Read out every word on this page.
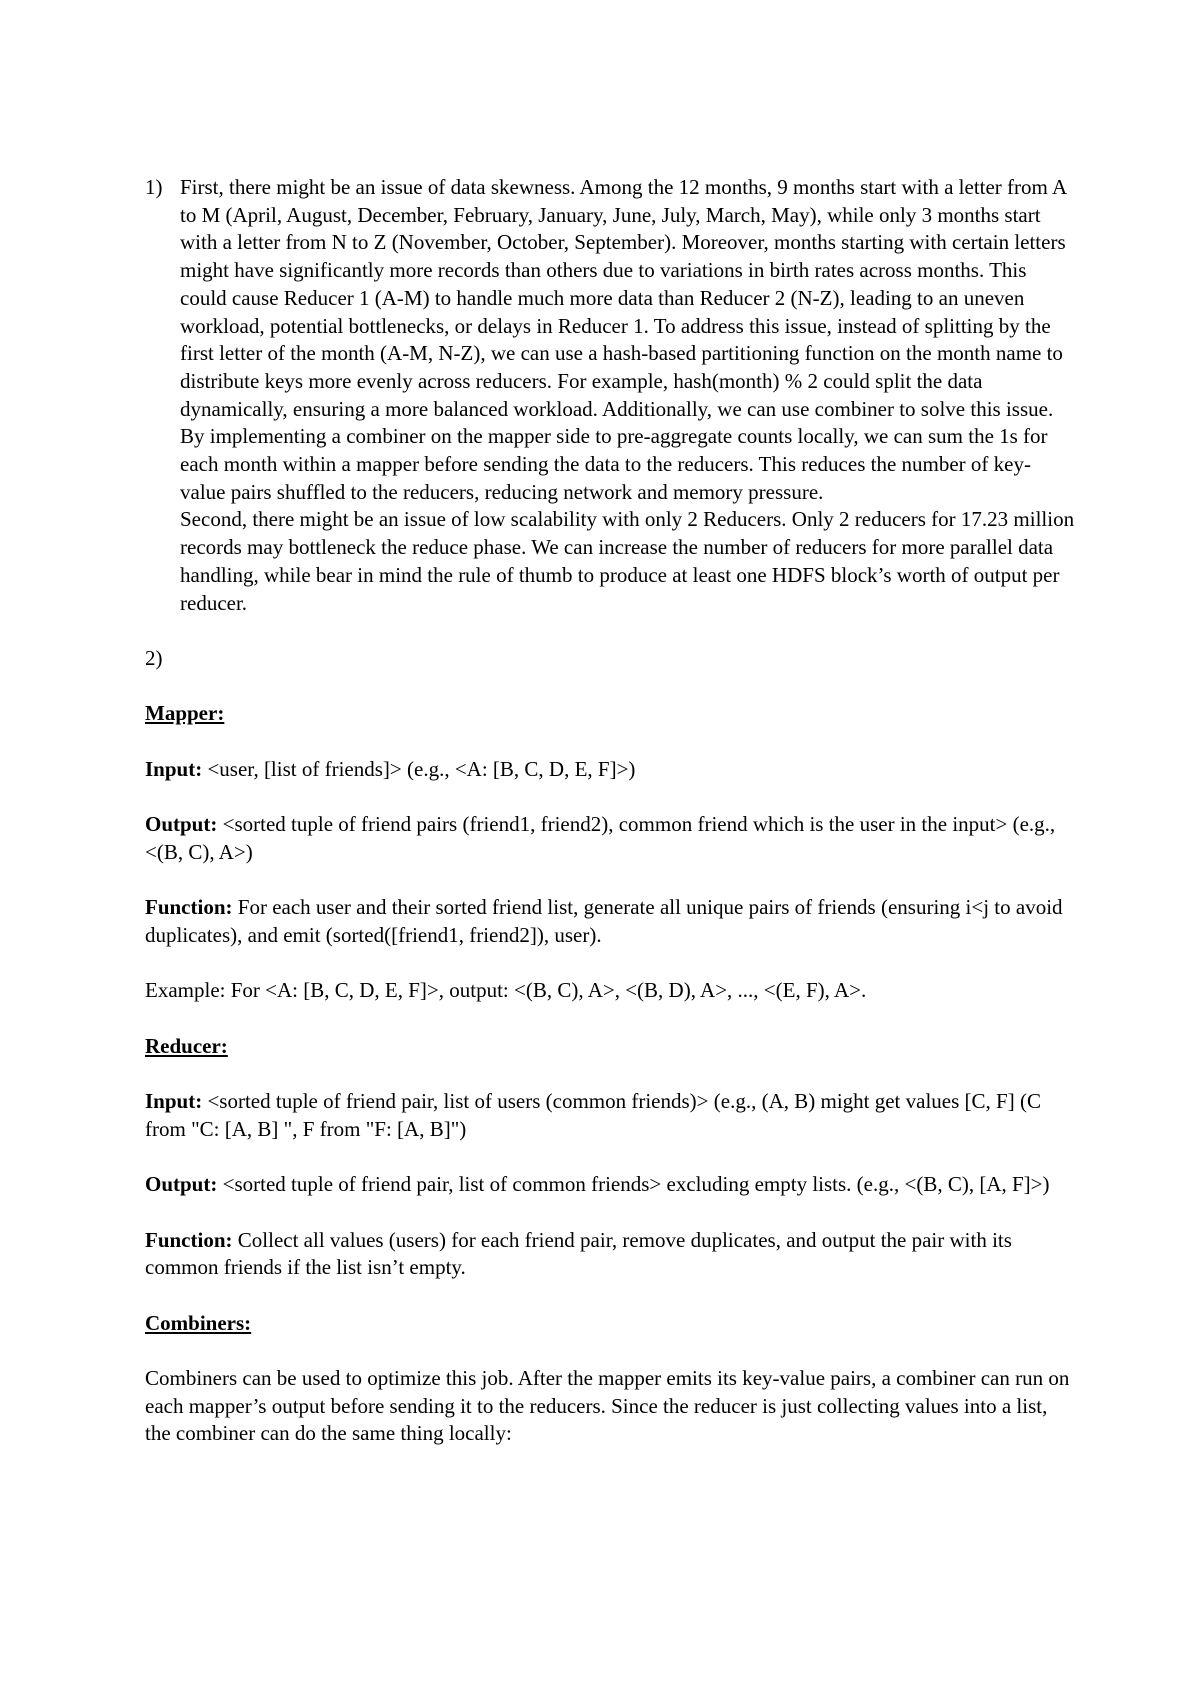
1) First, there might be an issue of data skewness. Among the 12 months, 9 months start with a letter from A to M (April, August, December, February, January, June, July, March, May), while only 3 months start with a letter from N to Z (November, October, September). Moreover, months starting with certain letters might have significantly more records than others due to variations in birth rates across months. This could cause Reducer 1 (A-M) to handle much more data than Reducer 2 (N-Z), leading to an uneven workload, potential bottlenecks, or delays in Reducer 1. To address this issue, instead of splitting by the first letter of the month (A-M, N-Z), we can use a hash-based partitioning function on the month name to distribute keys more evenly across reducers. For example, hash(month) % 2 could split the data dynamically, ensuring a more balanced workload. Additionally, we can use combiner to solve this issue. By implementing a combiner on the mapper side to pre-aggregate counts locally, we can sum the 1s for each month within a mapper before sending the data to the reducers. This reduces the number of key-value pairs shuffled to the reducers, reducing network and memory pressure.

Second, there might be an issue of low scalability with only 2 Reducers. Only 2 reducers for 17.23 million records may bottleneck the reduce phase. We can increase the number of reducers for more parallel data handling, while bear in mind the rule of thumb to produce at least one HDFS block’s worth of output per reducer.

2)

Mapper:

Input: <user, [list of friends]> (e.g., <A: [B, C, D, E, F]>)

Output: <sorted tuple of friend pairs (friend1, friend2), common friend which is the user in the input> (e.g., <(B, C), A>)

Function: For each user and their sorted friend list, generate all unique pairs of friends (ensuring i<j to avoid duplicates), and emit (sorted([friend1, friend2]), user).

Example: For <A: [B, C, D, E, F]>, output: <(B, C), A>, <(B, D), A>, ..., <(E, F), A>.

Reducer:

Input: <sorted tuple of friend pair, list of users (common friends)> (e.g., (A, B) might get values [C, F] (C from "C: [A, B] ", F from "F: [A, B]")

Output: <sorted tuple of friend pair, list of common friends> excluding empty lists. (e.g., <(B, C), [A, F]>)

Function: Collect all values (users) for each friend pair, remove duplicates, and output the pair with its common friends if the list isn’t empty.

Combiners:

Combiners can be used to optimize this job. After the mapper emits its key-value pairs, a combiner can run on each mapper’s output before sending it to the reducers. Since the reducer is just collecting values into a list, the combiner can do the same thing locally:
